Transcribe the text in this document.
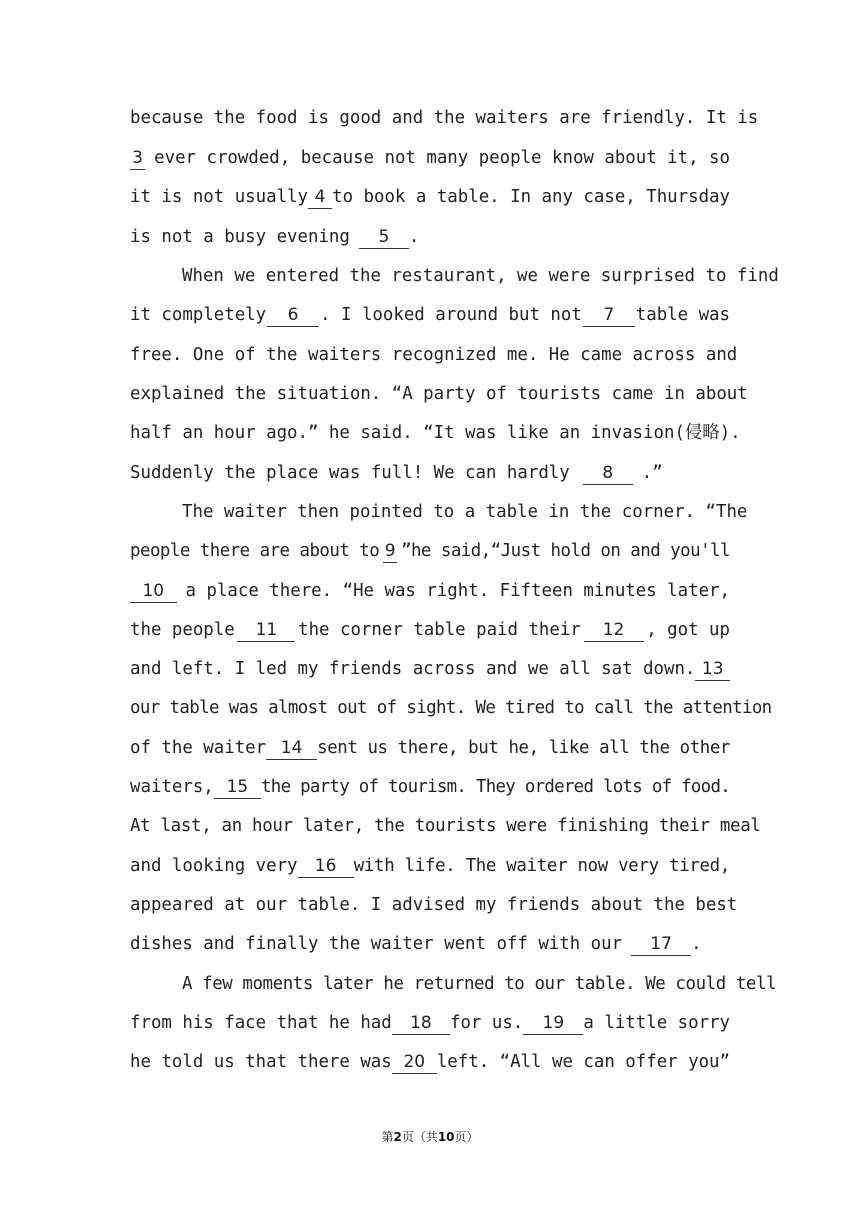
because the food is good and the waiters are friendly. It is
3 ever crowded, because not many people know about it, so
it is not usually 4 to book a table. In any case, Thursday
is not a busy evening	5	.
When we entered the restaurant, we were surprised to find
it completely	6	. I looked around but not	7	table was
free. One of the waiters recognized me. He came across and
explained the situation. “A party of tourists came in about
half an hour ago.” he said. “It was like an invasion(侵略).
Suddenly the place was full! We can hardly	8	.”
The waiter then pointed to a table in the corner. “The
people there are about to 9 ”he said,“Just hold on and you'll
10	a place there. “He was right. Fifteen minutes later,
the people	11	the corner table paid their	12	, got up
and left. I led my friends across and we all sat down. 13
our table was almost out of sight. We tired to call the attention
of the waiter 14 sent us there, but he, like all the other
waiters, 15 the party of tourism. They ordered lots of food.
At last, an hour later, the tourists were finishing their meal
and looking very	16 with life. The waiter now very tired,
appeared at our table. I advised my friends about the best
dishes and finally the waiter went off with our	17	.
A few moments later he returned to our table. We could tell
from his face that he had	18	for us.	19	a little sorry
he told us that there was 20 left. “All we can offer you”
第2页（共10页）
